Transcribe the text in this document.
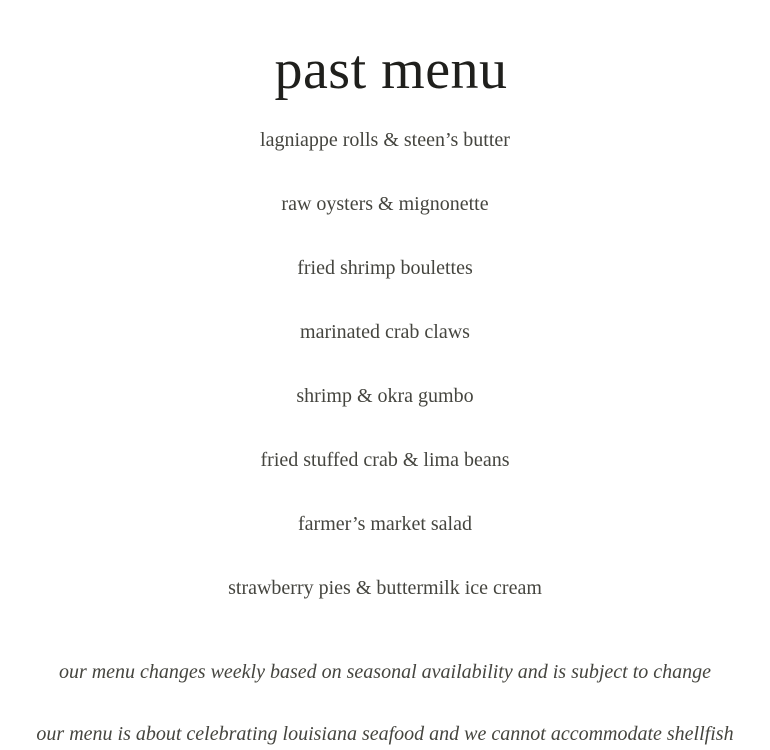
past menu
lagniappe rolls & steen’s butter
raw oysters & mignonette
fried shrimp boulettes
marinated crab claws
shrimp & okra gumbo
fried stuffed crab & lima beans
farmer’s market salad
strawberry pies & buttermilk ice cream

our menu changes weekly based on seasonal availability and is subject to change

our menu is about celebrating louisiana seafood and we cannot accommodate shellfish
